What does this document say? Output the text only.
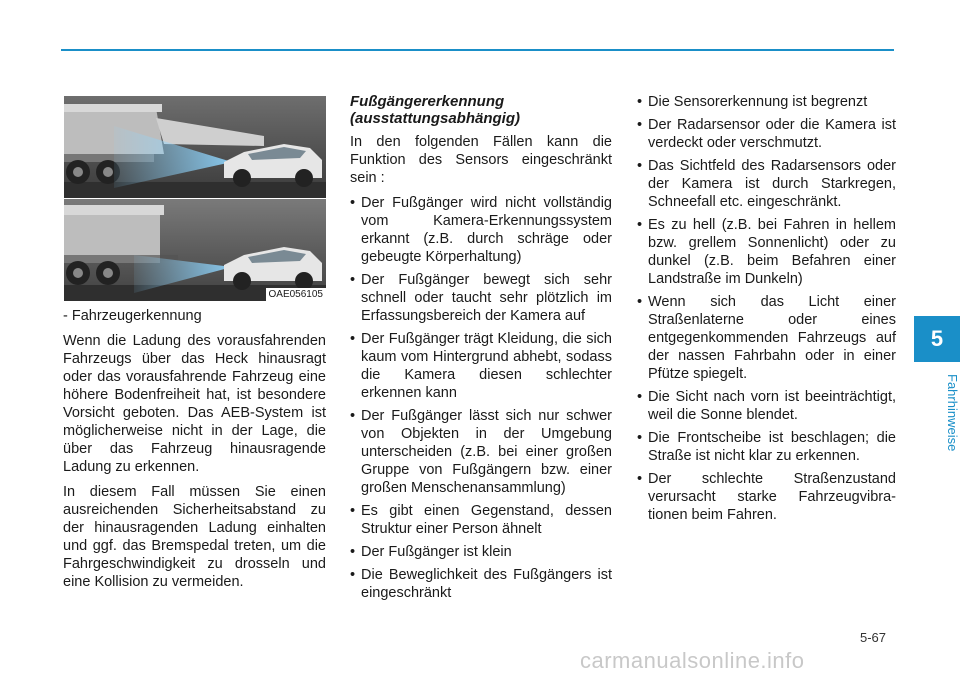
OAE056105

- Fahrzeugerkennung

Wenn die Ladung des vorausfahrenden Fahrzeugs über das Heck hinausragt oder das vorausfahrende Fahrzeug eine höhere Bodenfreiheit hat, ist besondere Vorsicht geboten. Das AEB-System ist möglicherweise nicht in der Lage, die über das Fahrzeug hinausragende Ladung zu erkennen.

In diesem Fall müssen Sie einen ausreichenden Sicherheitsabstand zu der hinausragenden Ladung einhalten und ggf. das Bremspedal treten, um die Fahrgeschwindigkeit zu drosseln und eine Kollision zu vermeiden.

Fußgängererkennung
(ausstattungsabhängig)

In den folgenden Fällen kann die Funktion des Sensors eingeschränkt sein :

• Der Fußgänger wird nicht vollständig vom Kamera-Erkennungssystem erkannt (z.B. durch schräge oder gebeugte Körperhaltung)
• Der Fußgänger bewegt sich sehr schnell oder taucht sehr plötzlich im Erfassungsbereich der Kamera auf
• Der Fußgänger trägt Kleidung, die sich kaum vom Hintergrund abhebt, sodass die Kamera diesen schlechter erkennen kann
• Der Fußgänger lässt sich nur schwer von Objekten in der Umgebung unterscheiden (z.B. bei einer großen Gruppe von Fußgängern bzw. einer großen Menschenansammlung)
• Es gibt einen Gegenstand, dessen Struktur einer Person ähnelt
• Der Fußgänger ist klein
• Die Beweglichkeit des Fußgängers ist eingeschränkt
• Die Sensorerkennung ist begrenzt
• Der Radarsensor oder die Kamera ist verdeckt oder verschmutzt.
• Das Sichtfeld des Radarsensors oder der Kamera ist durch Starkregen, Schneefall etc. eingeschränkt.
• Es zu hell (z.B. bei Fahren in hellem bzw. grellem Sonnenlicht) oder zu dunkel (z.B. beim Befahren einer Landstraße im Dunkeln)
• Wenn sich das Licht einer Straßenlaterne oder eines entgegenkommenden Fahrzeugs auf der nassen Fahrbahn oder in einer Pfütze spiegelt.
• Die Sicht nach vorn ist beeinträchtigt, weil die Sonne blendet.
• Die Frontscheibe ist beschlagen; die Straße ist nicht klar zu erkennen.
• Der schlechte Straßenzustand verursacht starke Fahrzeugvibra-tionen beim Fahren.
5
Fahrhinweise
5-67
carmanualsonline.info
